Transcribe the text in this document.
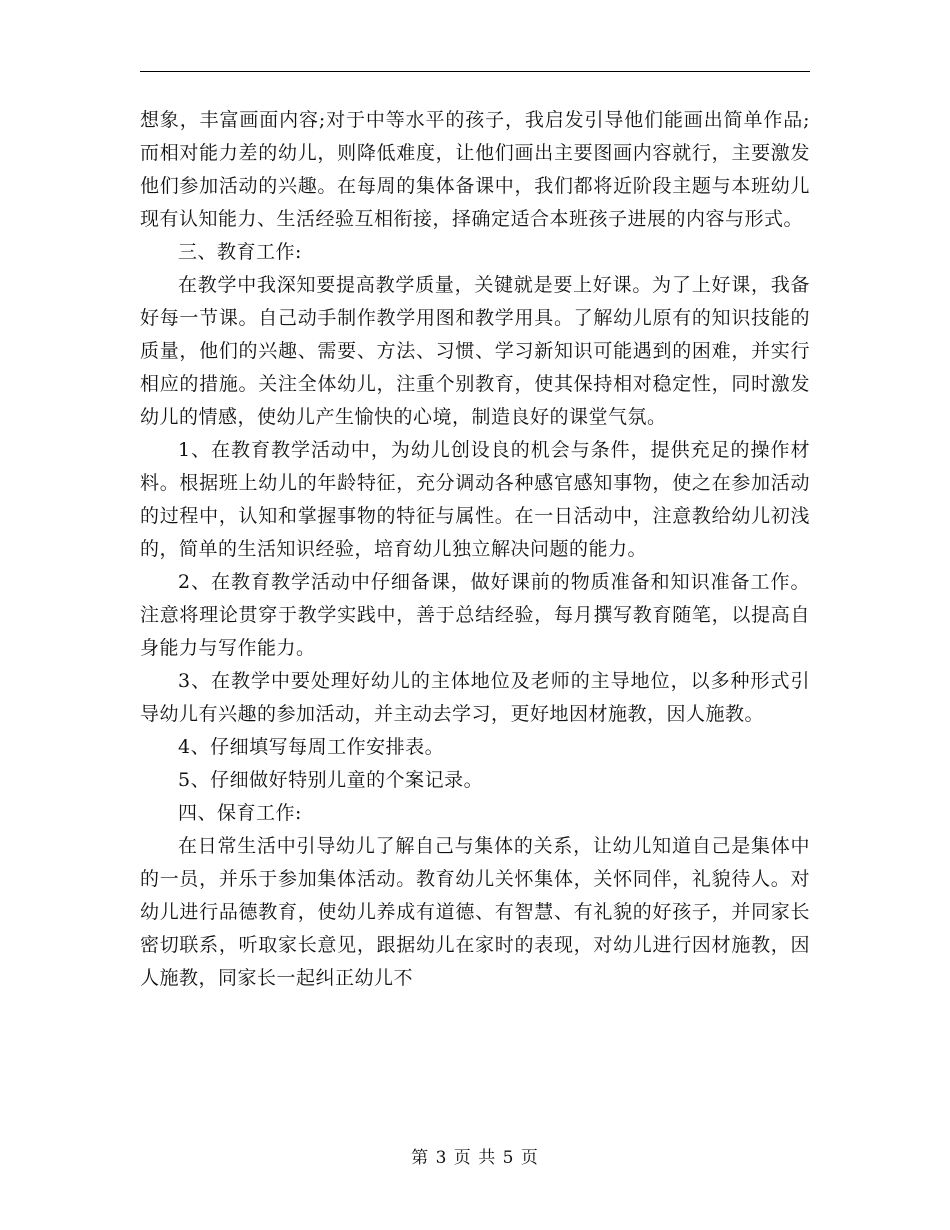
想象，丰富画面内容;对于中等水平的孩子，我启发引导他们能画出简单作品;而相对能力差的幼儿，则降低难度，让他们画出主要图画内容就行，主要激发他们参加活动的兴趣。在每周的集体备课中，我们都将近阶段主题与本班幼儿现有认知能力、生活经验互相衔接，择确定适合本班孩子进展的内容与形式。

三、教育工作:

在教学中我深知要提高教学质量，关键就是要上好课。为了上好课，我备好每一节课。自己动手制作教学用图和教学用具。了解幼儿原有的知识技能的质量，他们的兴趣、需要、方法、习惯、学习新知识可能遇到的困难，并实行相应的措施。关注全体幼儿，注重个别教育，使其保持相对稳定性，同时激发幼儿的情感，使幼儿产生愉快的心境，制造良好的课堂气氛。

1、在教育教学活动中，为幼儿创设良的机会与条件，提供充足的操作材料。根据班上幼儿的年龄特征，充分调动各种感官感知事物，使之在参加活动的过程中，认知和掌握事物的特征与属性。在一日活动中，注意教给幼儿初浅的，简单的生活知识经验，培育幼儿独立解决问题的能力。

2、在教育教学活动中仔细备课，做好课前的物质准备和知识准备工作。注意将理论贯穿于教学实践中，善于总结经验，每月撰写教育随笔，以提高自身能力与写作能力。

3、在教学中要处理好幼儿的主体地位及老师的主导地位，以多种形式引导幼儿有兴趣的参加活动，并主动去学习，更好地因材施教，因人施教。

4、仔细填写每周工作安排表。

5、仔细做好特别儿童的个案记录。

四、保育工作:

在日常生活中引导幼儿了解自己与集体的关系，让幼儿知道自己是集体中的一员，并乐于参加集体活动。教育幼儿关怀集体，关怀同伴，礼貌待人。对幼儿进行品德教育，使幼儿养成有道德、有智慧、有礼貌的好孩子，并同家长密切联系，听取家长意见，跟据幼儿在家时的表现，对幼儿进行因材施教，因人施教，同家长一起纠正幼儿不

第 3 页 共 5 页
